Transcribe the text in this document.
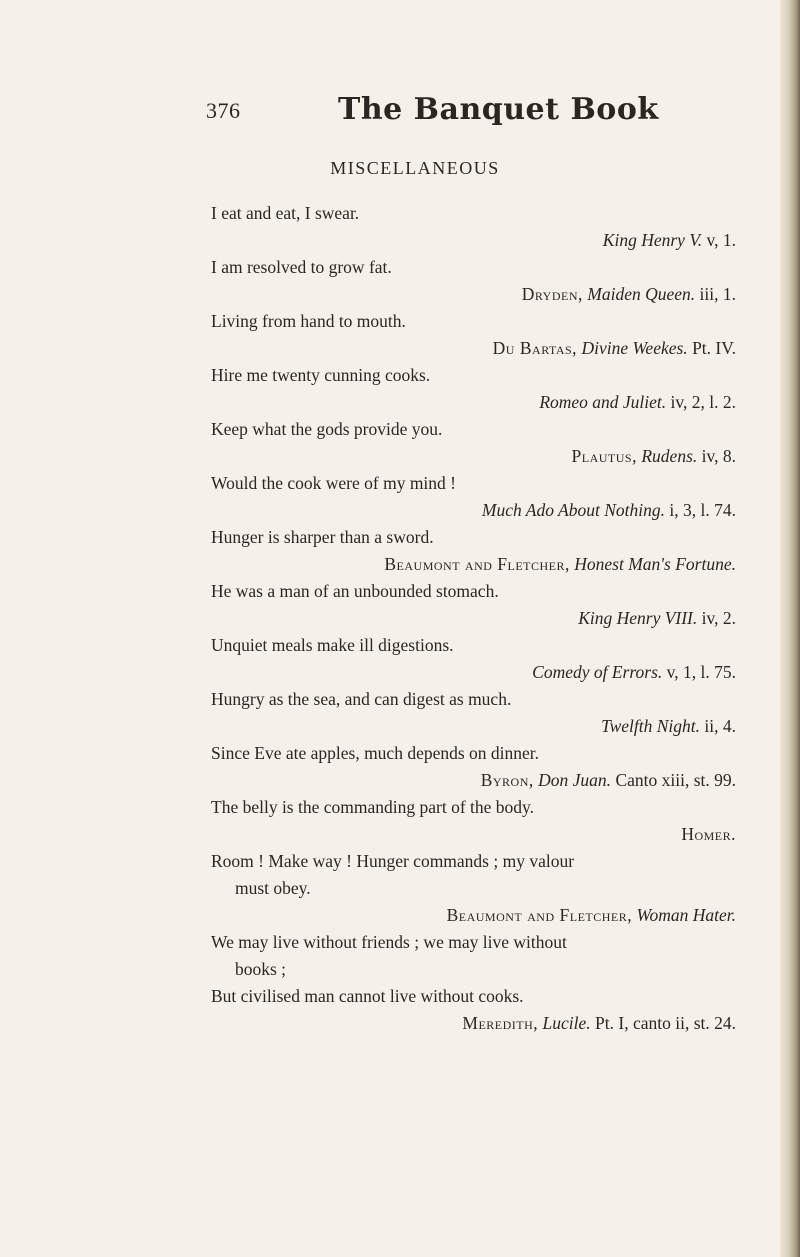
376	The Banquet Book
MISCELLANEOUS
I eat and eat, I swear.
King Henry V. v, 1.
I am resolved to grow fat.
Dryden, Maiden Queen. iii, 1.
Living from hand to mouth.
Du Bartas, Divine Weekes. Pt. IV.
Hire me twenty cunning cooks.
Romeo and Juliet. iv, 2, l. 2.
Keep what the gods provide you.
Plautus, Rudens. iv, 8.
Would the cook were of my mind !
Much Ado About Nothing. i, 3, l. 74.
Hunger is sharper than a sword.
Beaumont and Fletcher, Honest Man's Fortune.
He was a man of an unbounded stomach.
King Henry VIII. iv, 2.
Unquiet meals make ill digestions.
Comedy of Errors. v, 1, l. 75.
Hungry as the sea, and can digest as much.
Twelfth Night. ii, 4.
Since Eve ate apples, much depends on dinner.
Byron, Don Juan. Canto xiii, st. 99.
The belly is the commanding part of the body.
Homer.
Room ! Make way ! Hunger commands ; my valour
must obey.
Beaumont and Fletcher, Woman Hater.
We may live without friends ; we may live without
books ;
But civilised man cannot live without cooks.
Meredith, Lucile. Pt. I, canto ii, st. 24.
